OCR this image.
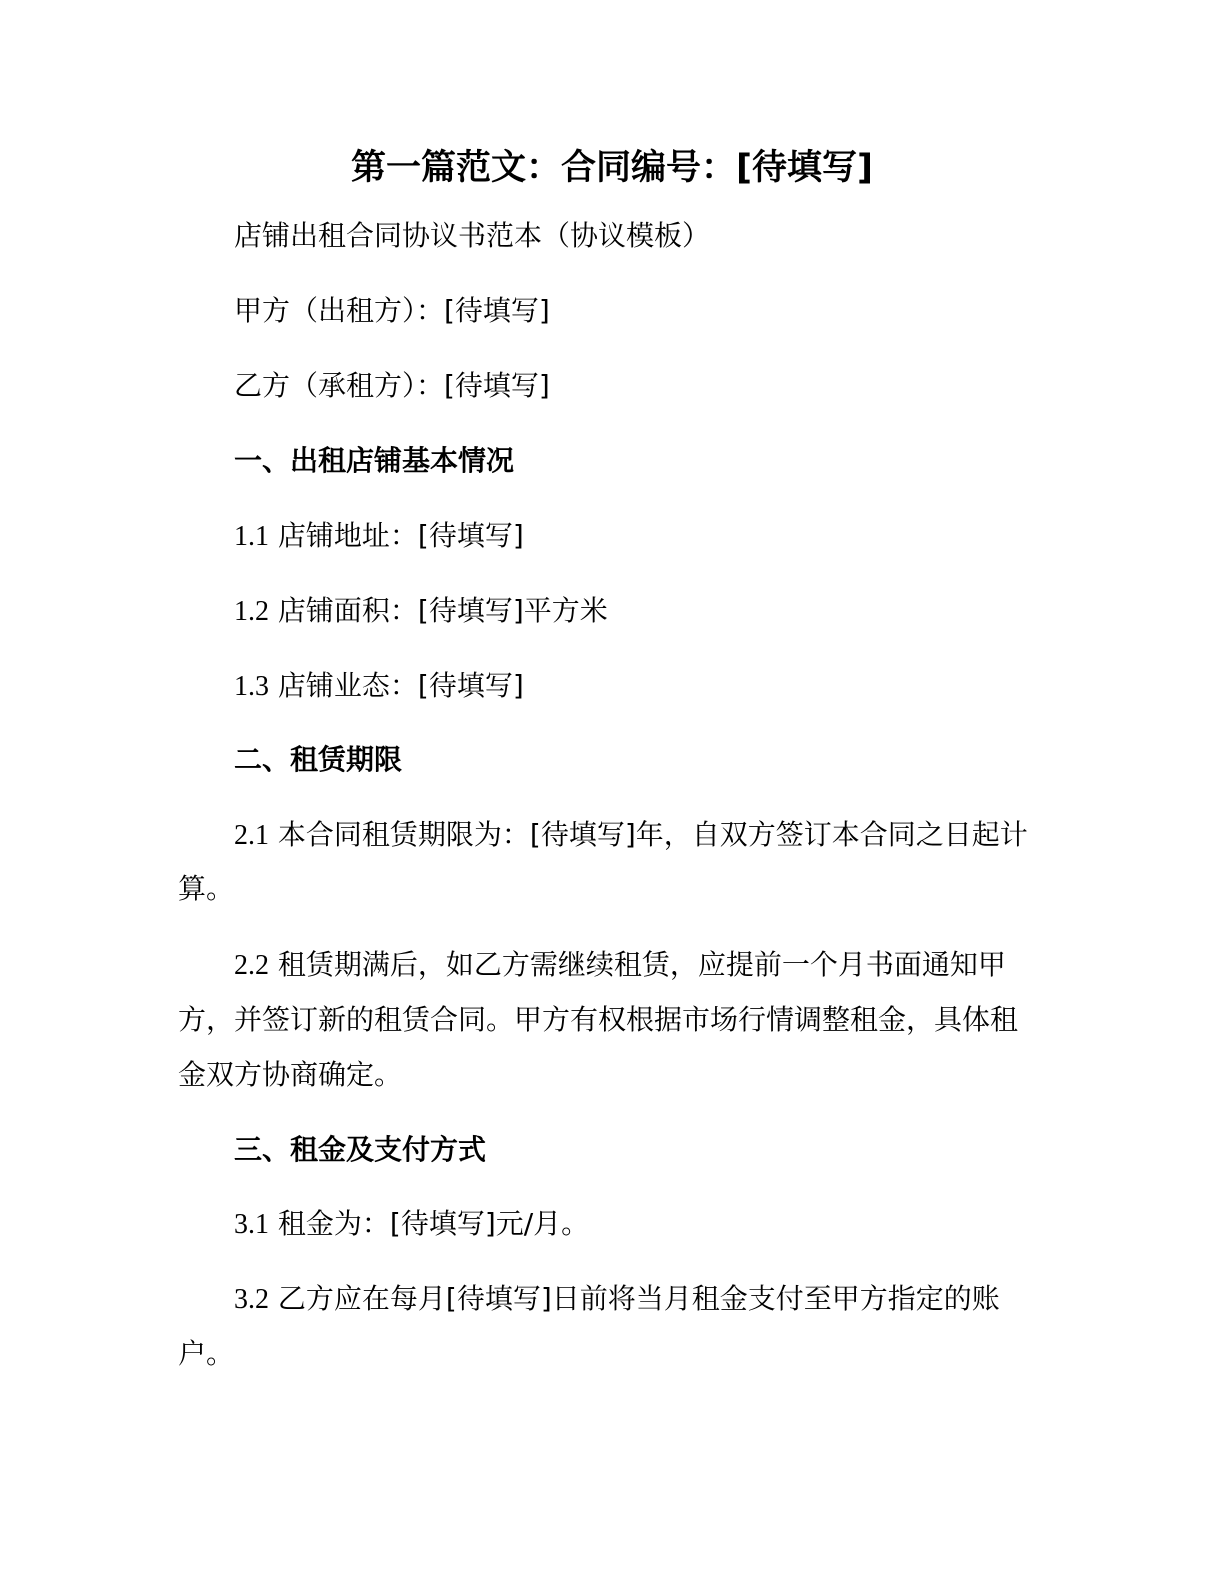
第一篇范文：合同编号：[待填写]
店铺出租合同协议书范本（协议模板）
甲方（出租方）：[待填写]
乙方（承租方）：[待填写]
一、出租店铺基本情况
1.1 店铺地址：[待填写]
1.2 店铺面积：[待填写]平方米
1.3 店铺业态：[待填写]
二、租赁期限
2.1 本合同租赁期限为：[待填写]年，自双方签订本合同之日起计
算。
2.2 租赁期满后，如乙方需继续租赁，应提前一个月书面通知甲
方，并签订新的租赁合同。甲方有权根据市场行情调整租金，具体租
金双方协商确定。
三、租金及支付方式
3.1 租金为：[待填写]元/月。
3.2 乙方应在每月[待填写]日前将当月租金支付至甲方指定的账
户。
